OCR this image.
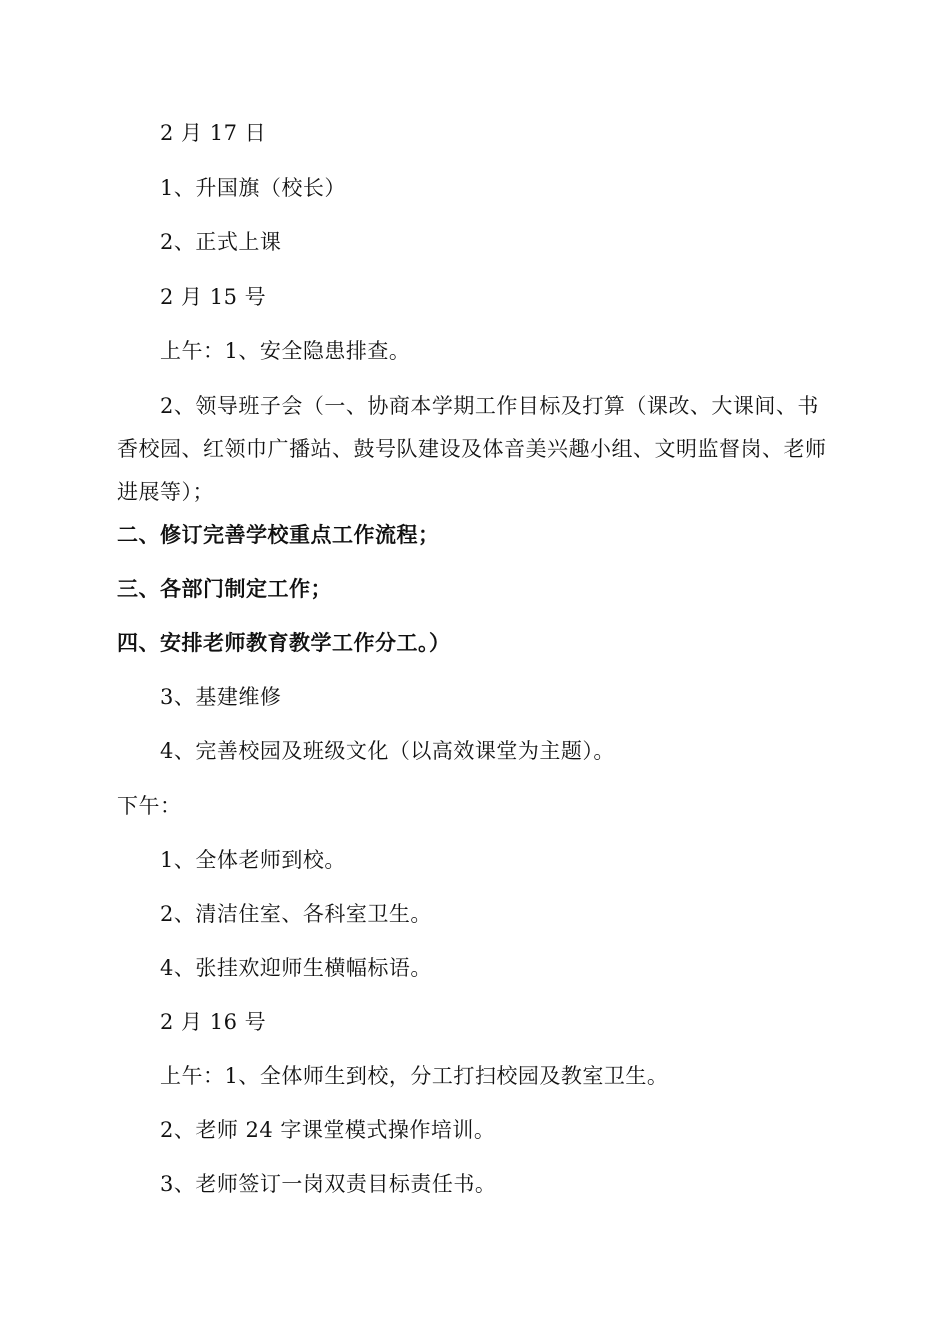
2 月 17 日
1、升国旗（校长）
2、正式上课
2 月 15 号
上午：1、安全隐患排查。
2、领导班子会（一、协商本学期工作目标及打算（课改、大课间、书香校园、红领巾广播站、鼓号队建设及体音美兴趣小组、文明监督岗、老师进展等）；
二、修订完善学校重点工作流程；
三、各部门制定工作；
四、安排老师教育教学工作分工。）
3、基建维修
4、完善校园及班级文化（以高效课堂为主题）。
下午：
1、全体老师到校。
2、清洁住室、各科室卫生。
4、张挂欢迎师生横幅标语。
2 月 16 号
上午：1、全体师生到校，分工打扫校园及教室卫生。
2、老师 24 字课堂模式操作培训。
3、老师签订一岗双责目标责任书。
